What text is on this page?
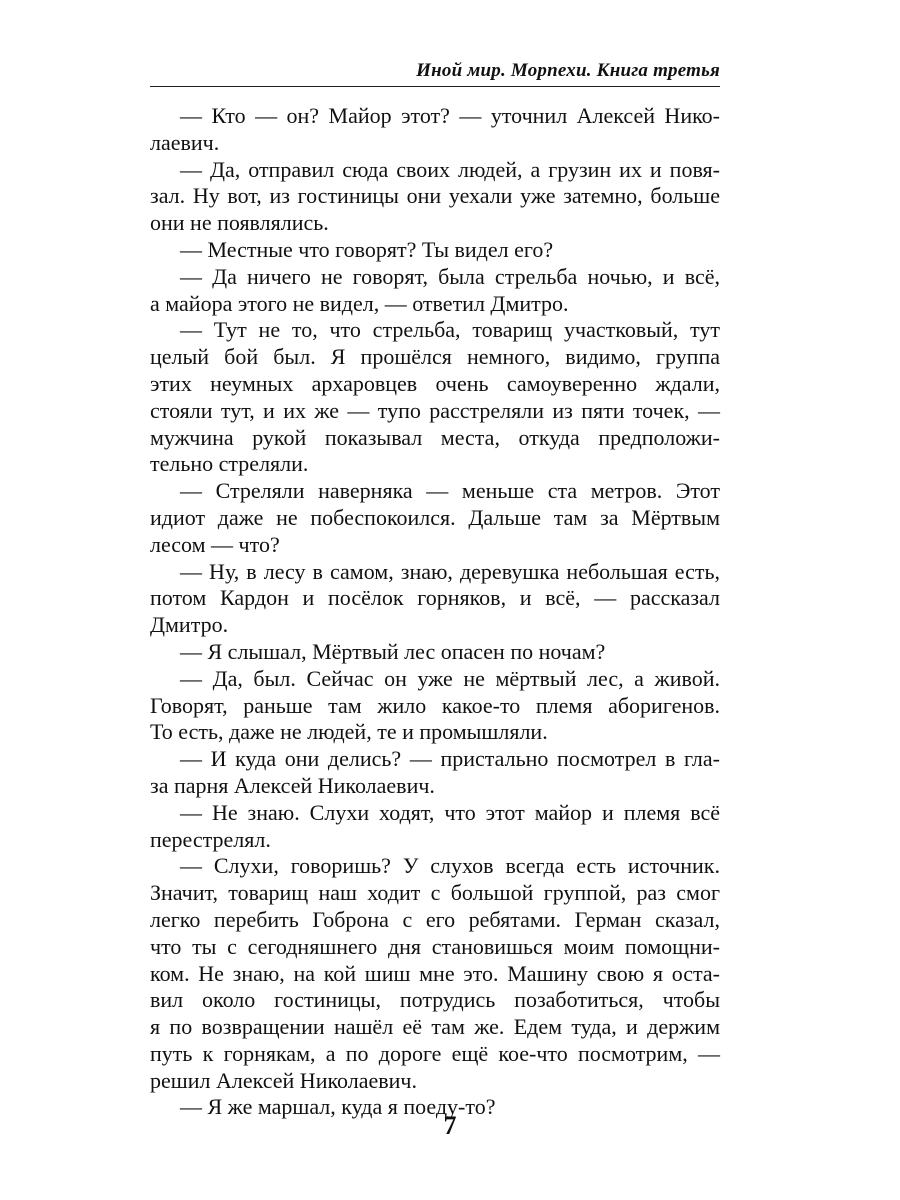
Иной мир. Морпехи. Книга третья
— Кто — он? Майор этот? — уточнил Алексей Нико-
лаевич.
— Да, отправил сюда своих людей, а грузин их и повя-
зал. Ну вот, из гостиницы они уехали уже затемно, больше
они не появлялись.
— Местные что говорят? Ты видел его?
— Да ничего не говорят, была стрельба ночью, и всё,
а майора этого не видел, — ответил Дмитро.
— Тут не то, что стрельба, товарищ участковый, тут
целый бой был. Я прошёлся немного, видимо, группа
этих неумных архаровцев очень самоуверенно ждали,
стояли тут, и их же — тупо расстреляли из пяти точек, —
мужчина рукой показывал места, откуда предположи-
тельно стреляли.
— Стреляли наверняка — меньше ста метров. Этот
идиот даже не побеспокоился. Дальше там за Мёртвым
лесом — что?
— Ну, в лесу в самом, знаю, деревушка небольшая есть,
потом Кардон и посёлок горняков, и всё, — рассказал
Дмитро.
— Я слышал, Мёртвый лес опасен по ночам?
— Да, был. Сейчас он уже не мёртвый лес, а живой.
Говорят, раньше там жило какое-то племя аборигенов.
То есть, даже не людей, те и промышляли.
— И куда они делись? — пристально посмотрел в гла-
за парня Алексей Николаевич.
— Не знаю. Слухи ходят, что этот майор и племя всё
перестрелял.
— Слухи, говоришь? У слухов всегда есть источник.
Значит, товарищ наш ходит с большой группой, раз смог
легко перебить Гоброна с его ребятами. Герман сказал,
что ты с сегодняшнего дня становишься моим помощни-
ком. Не знаю, на кой шиш мне это. Машину свою я оста-
вил около гостиницы, потрудись позаботиться, чтобы
я по возвращении нашёл её там же. Едем туда, и держим
путь к горнякам, а по дороге ещё кое-что посмотрим, —
решил Алексей Николаевич.
— Я же маршал, куда я поеду-то?
7
